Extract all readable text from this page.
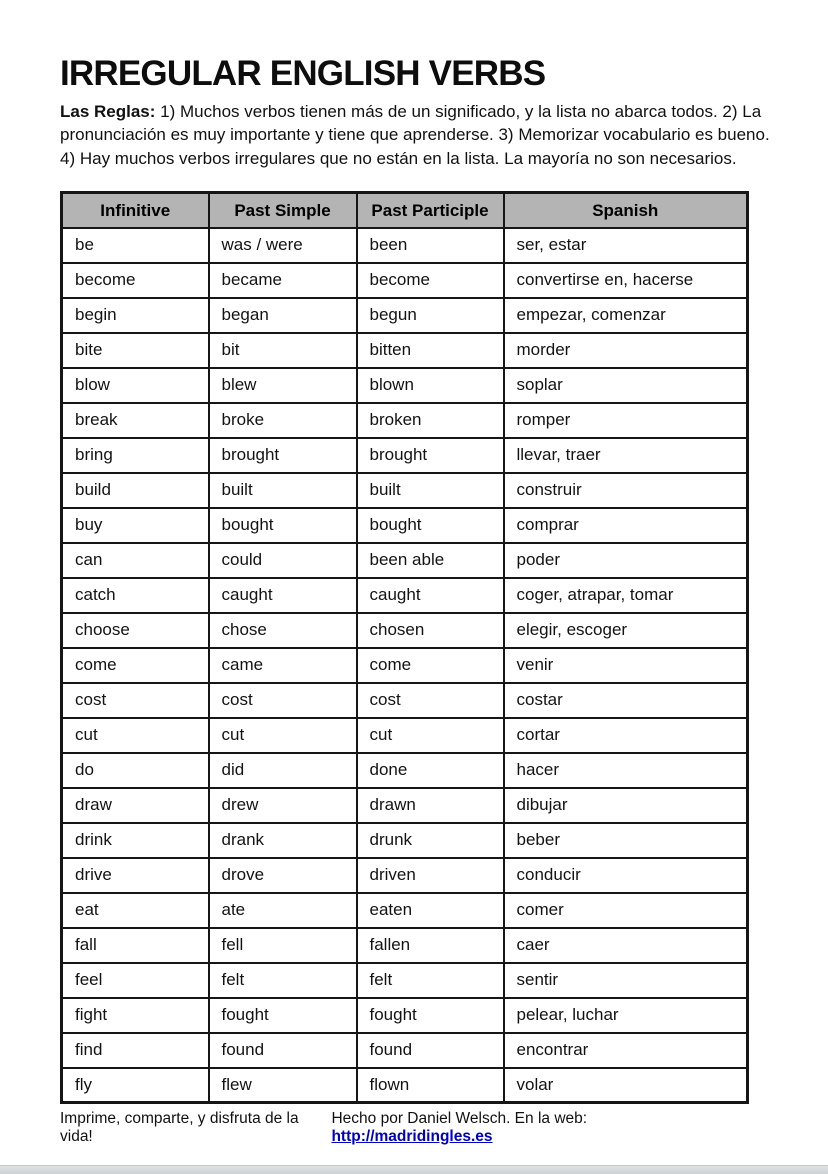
IRREGULAR ENGLISH VERBS

Las Reglas: 1) Muchos verbos tienen más de un significado, y la lista no abarca todos. 2) La
pronunciación es muy importante y tiene que aprenderse. 3) Memorizar vocabulario es bueno.
4) Hay muchos verbos irregulares que no están en la lista. La mayoría no son necesarios.

Infinitive	Past Simple	Past Participle	Spanish
be	was / were	been	ser, estar
become	became	become	convertirse en, hacerse
begin	began	begun	empezar, comenzar
bite	bit	bitten	morder
blow	blew	blown	soplar
break	broke	broken	romper
bring	brought	brought	llevar, traer
build	built	built	construir
buy	bought	bought	comprar
can	could	been able	poder
catch	caught	caught	coger, atrapar, tomar
choose	chose	chosen	elegir, escoger
come	came	come	venir
cost	cost	cost	costar
cut	cut	cut	cortar
do	did	done	hacer
draw	drew	drawn	dibujar
drink	drank	drunk	beber
drive	drove	driven	conducir
eat	ate	eaten	comer
fall	fell	fallen	caer
feel	felt	felt	sentir
fight	fought	fought	pelear, luchar
find	found	found	encontrar
fly	flew	flown	volar
Imprime, comparte, y disfruta de la vida!
Hecho por Daniel Welsch. En la web: http://madridingles.es
